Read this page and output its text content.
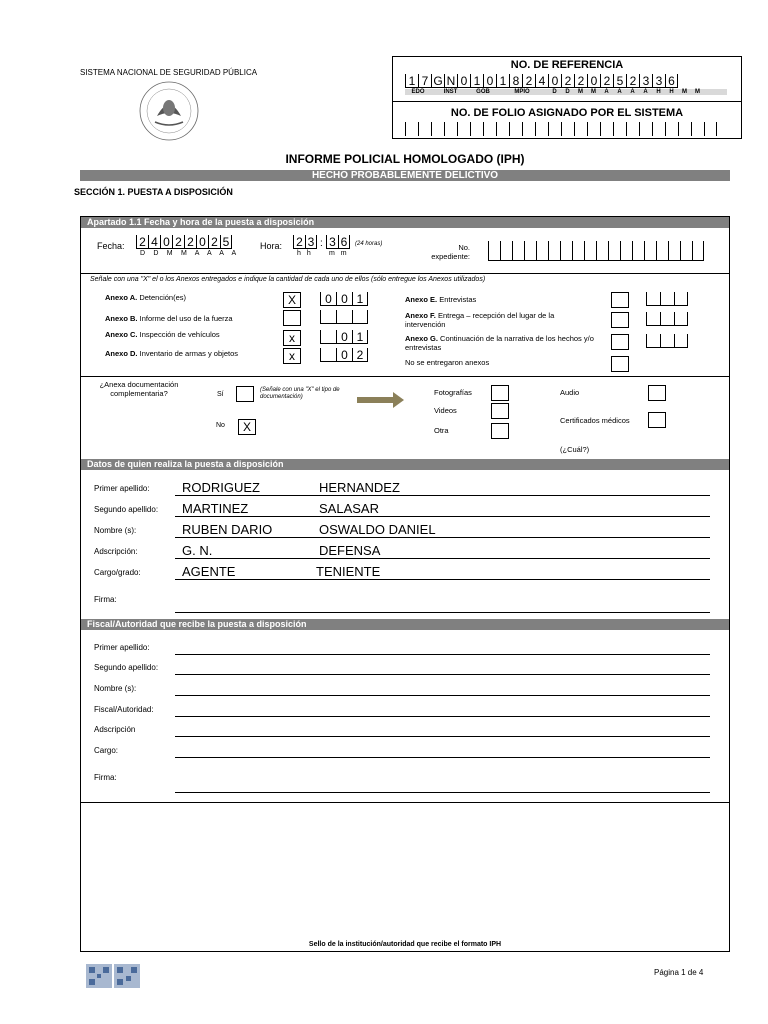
SISTEMA NACIONAL DE SEGURIDAD PÚBLICA
NO. DE REFERENCIA
1 7 G N 0 1 0 1 8 2 4 0 2 2 0 2 5 2 3 3 6
EDO	INST	GOB	MPIO	D	D	M	M	A	A	A	A	H	H	M	M
NO. DE FOLIO ASIGNADO POR EL SISTEMA
INFORME POLICIAL HOMOLOGADO (IPH)
HECHO PROBABLEMENTE DELICTIVO
SECCIÓN 1. PUESTA A DISPOSICIÓN
Apartado 1.1 Fecha y hora de la puesta a disposición
Fecha: 2 4 0 2 2 0 2 5
D D M M A A A A
Hora: 2 3 : 3 6
h h m m
(24 horas)	No. expediente:
Señale con una "X" el o los Anexos entregados e indique la cantidad de cada uno de ellos (sólo entregue los Anexos utilizados)
Anexo A. Detención(es)	X	0 0 1
Anexo B. Informe del uso de la fuerza
Anexo C. Inspección de vehículos	x	0 1
Anexo D. Inventario de armas y objetos	x	0 2
Anexo E. Entrevistas
Anexo F. Entrega – recepción del lugar de la intervención
Anexo G. Continuación de la narrativa de los hechos y/o entrevistas
No se entregaron anexos
¿Anexa documentación complementaria?	Sí
(Señale con una "X" el tipo de documentación)
No	X
Fotografías
Videos
Otra
Audio
Certificados médicos
(¿Cuál?)
Datos de quien realiza la puesta a disposición
Primer apellido: RODRIGUEZ	HERNANDEZ
Segundo apellido: MARTINEZ	SALASAR
Nombre (s):	RUBEN DARIO	OSWALDO DANIEL
Adscripción:	G. N.	DEFENSA
Cargo/grado:	AGENTE	TENIENTE
Firma:
Fiscal/Autoridad que recibe la puesta a disposición
Primer apellido:
Segundo apellido:
Nombre (s):
Fiscal/Autoridad:
Adscripción
Cargo:
Firma:
Sello de la institución/autoridad que recibe el formato IPH
Página 1 de 4
